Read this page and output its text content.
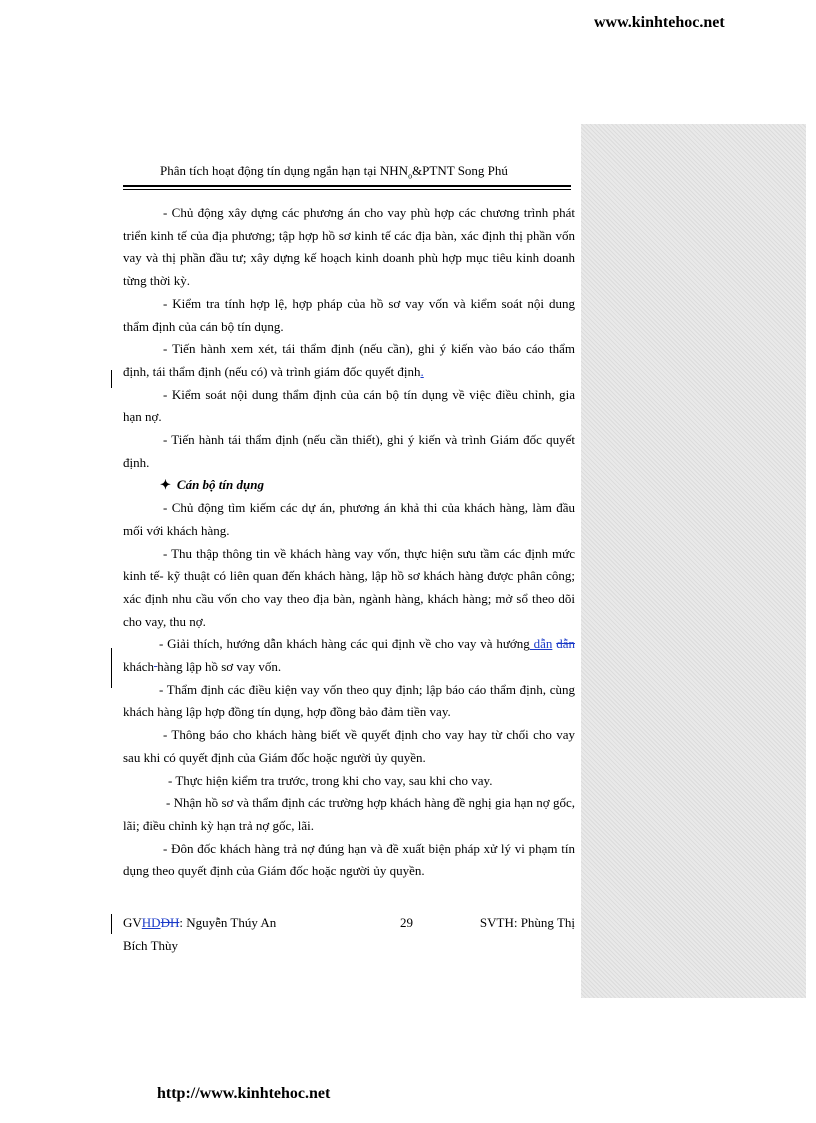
www.kinhtehoc.net
Phân tích hoạt động tín dụng ngắn hạn tại $NHN_o\&PTNT$ Song Phú

- Chủ động xây dựng các phương án cho vay phù hợp các chương trình phát triển kinh tế của địa phương; tập hợp hồ sơ kinh tế các địa bàn, xác định thị phần vốn vay và thị phần đầu tư; xây dựng kế hoạch kinh doanh phù hợp mục tiêu kinh doanh từng thời kỳ.

- Kiểm tra tính hợp lệ, hợp pháp của hồ sơ vay vốn và kiểm soát nội dung thẩm định của cán bộ tín dụng.

- Tiến hành xem xét, tái thẩm định (nếu cần), ghi ý kiến vào báo cáo thẩm định, tái thẩm định (nếu có) và trình giám đốc quyết định.

- Kiểm soát nội dung thẩm định của cán bộ tín dụng về việc điều chỉnh, gia hạn nợ.

- Tiến hành tái thẩm định (nếu cần thiết), ghi ý kiến và trình Giám đốc quyết định.

✦ Cán bộ tín dụng

- Chủ động tìm kiếm các dự án, phương án khả thi của khách hàng, làm đầu mối với khách hàng.

- Thu thập thông tin về khách hàng vay vốn, thực hiện sưu tầm các định mức kinh tế- kỹ thuật có liên quan đến khách hàng, lập hồ sơ khách hàng được phân công; xác định nhu cầu vốn cho vay theo địa bàn, ngành hàng, khách hàng; mở sổ theo dõi cho vay, thu nợ.

- Giải thích, hướng dẫn khách hàng các qui định về cho vay và hướng dẫn dẫn khách hàng lập hồ sơ vay vốn.

- Thẩm định các điều kiện vay vốn theo quy định; lập báo cáo thẩm định, cùng khách hàng lập hợp đồng tín dụng, hợp đồng bảo đảm tiền vay.

- Thông báo cho khách hàng biết về quyết định cho vay hay từ chối cho vay sau khi có quyết định của Giám đốc hoặc người ủy quyền.

- Thực hiện kiểm tra trước, trong khi cho vay, sau khi cho vay.

- Nhận hồ sơ và thẩm định các trường hợp khách hàng đề nghị gia hạn nợ gốc, lãi; điều chỉnh kỳ hạn trả nợ gốc, lãi.

- Đôn đốc khách hàng trả nợ đúng hạn và đề xuất biện pháp xử lý vi phạm tín dụng theo quyết định của Giám đốc hoặc người ủy quyền.

GVHDDH: Nguyễn Thúy An	SVTH: Phùng Thị
29
Bích Thùy
http://www.kinhtehoc.net
